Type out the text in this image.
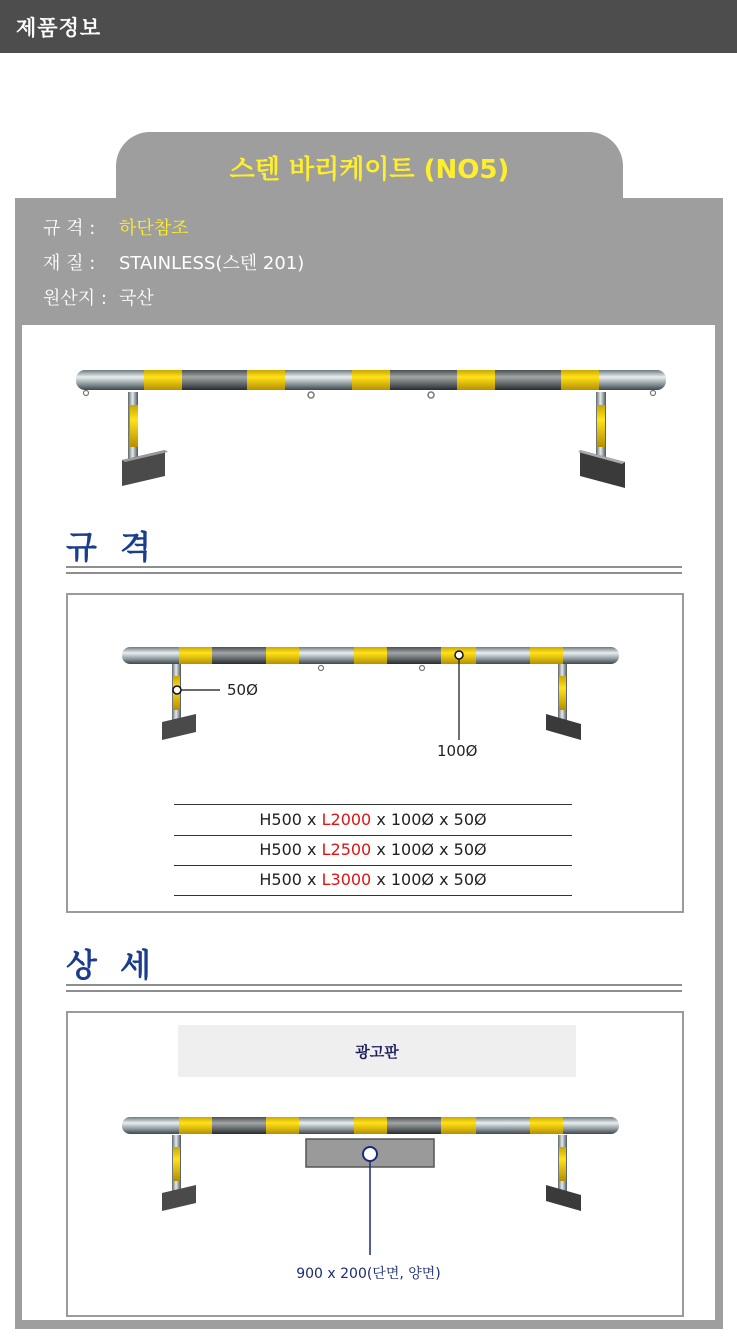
제품정보
스텐 바리케이트 (NO5)
규 격 : 하단참조
재 질 : STAINLESS(스텐 201)
원산지 : 국산
규 격
50Ø
100Ø
H500 x L2000 x 100Ø x 50Ø
H500 x L2500 x 100Ø x 50Ø
H500 x L3000 x 100Ø x 50Ø
상 세
광고판
900 x 200(단면, 양면)
